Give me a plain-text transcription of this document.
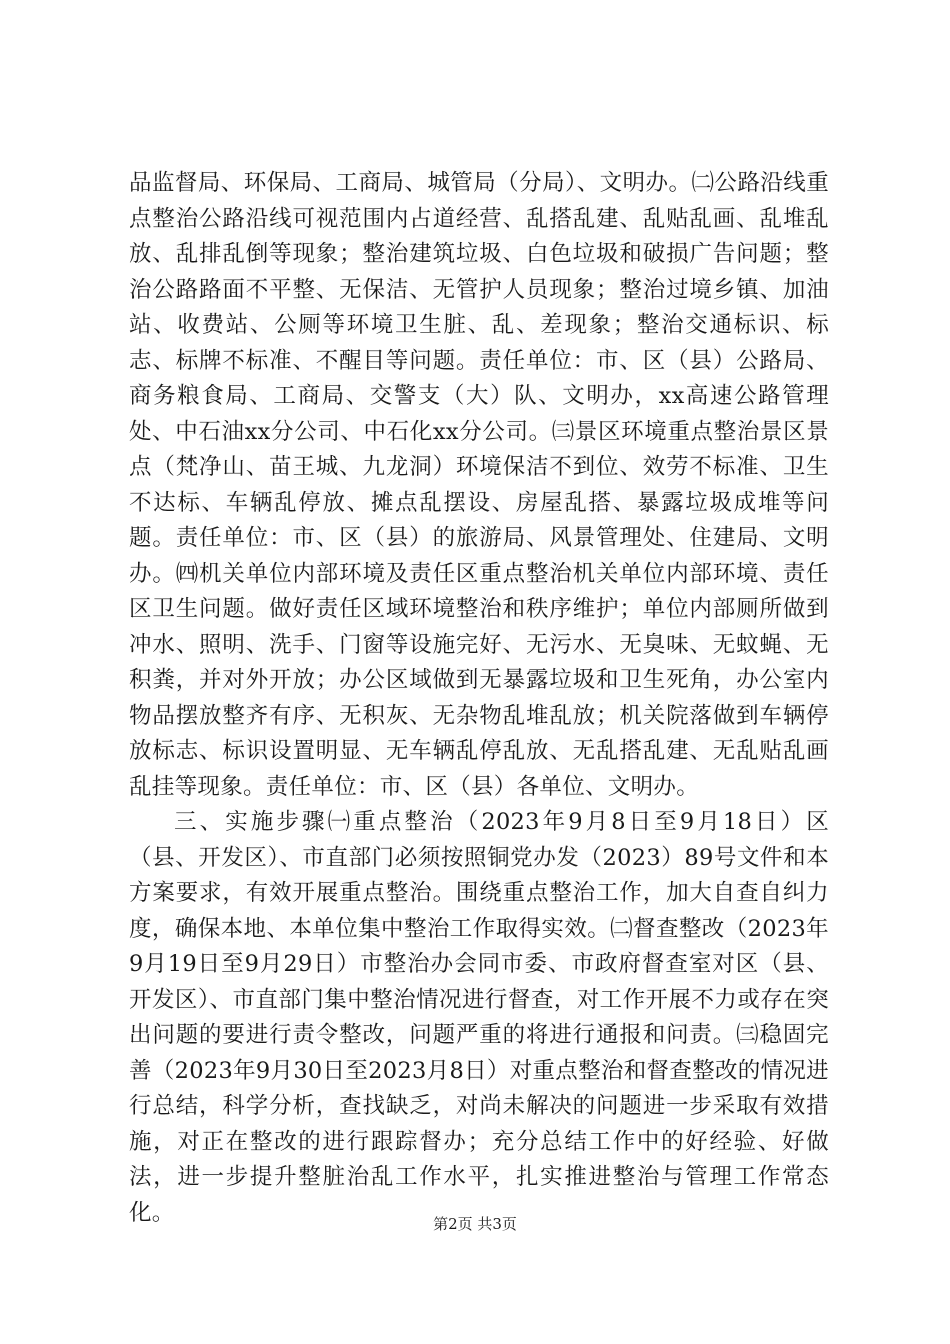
品监督局、环保局、工商局、城管局（分局）、文明办。㈡公路沿线重点整治公路沿线可视范围内占道经营、乱搭乱建、乱贴乱画、乱堆乱放、乱排乱倒等现象；整治建筑垃圾、白色垃圾和破损广告问题；整治公路路面不平整、无保洁、无管护人员现象；整治过境乡镇、加油站、收费站、公厕等环境卫生脏、乱、差现象；整治交通标识、标志、标牌不标准、不醒目等问题。责任单位：市、区（县）公路局、商务粮食局、工商局、交警支（大）队、文明办，xx高速公路管理处、中石油xx分公司、中石化xx分公司。㈢景区环境重点整治景区景点（梵净山、苗王城、九龙洞）环境保洁不到位、效劳不标准、卫生不达标、车辆乱停放、摊点乱摆设、房屋乱搭、暴露垃圾成堆等问题。责任单位：市、区（县）的旅游局、风景管理处、住建局、文明办。㈣机关单位内部环境及责任区重点整治机关单位内部环境、责任区卫生问题。做好责任区域环境整治和秩序维护；单位内部厕所做到冲水、照明、洗手、门窗等设施完好、无污水、无臭味、无蚊蝇、无积粪，并对外开放；办公区域做到无暴露垃圾和卫生死角，办公室内物品摆放整齐有序、无积灰、无杂物乱堆乱放；机关院落做到车辆停放标志、标识设置明显、无车辆乱停乱放、无乱搭乱建、无乱贴乱画乱挂等现象。责任单位：市、区（县）各单位、文明办。

三、实施步骤㈠重点整治（2023年9月8日至9月18日）区（县、开发区）、市直部门必须按照铜党办发（2023）89号文件和本方案要求，有效开展重点整治。围绕重点整治工作，加大自查自纠力度，确保本地、本单位集中整治工作取得实效。㈡督查整改（2023年9月19日至9月29日）市整治办会同市委、市政府督查室对区（县、开发区）、市直部门集中整治情况进行督查，对工作开展不力或存在突出问题的要进行责令整改，问题严重的将进行通报和问责。㈢稳固完善（2023年9月30日至2023月8日）对重点整治和督查整改的情况进行总结，科学分析，查找缺乏，对尚未解决的问题进一步采取有效措施，对正在整改的进行跟踪督办；充分总结工作中的好经验、好做法，进一步提升整脏治乱工作水平，扎实推进整治与管理工作常态化。	第2页 共3页
